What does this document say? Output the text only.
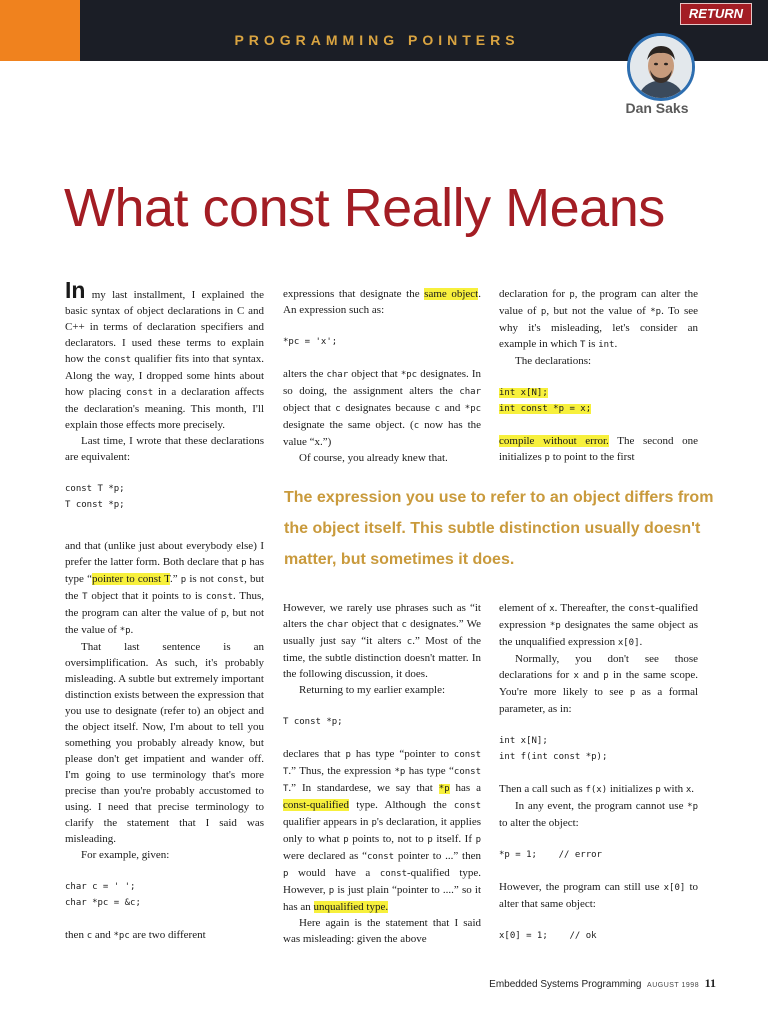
PROGRAMMING POINTERS
RETURN
Dan Saks
What const Really Means

In my last installment, I explained the basic syntax of object declarations in C and C++ in terms of declaration specifiers and declarators. I used these terms to explain how the const qualifier fits into that syntax. Along the way, I dropped some hints about how placing const in a declaration affects the declaration's meaning. This month, I'll explain those effects more precisely.

Last time, I wrote that these declarations are equivalent:

const T *p;
T const *p;

and that (unlike just about everybody else) I prefer the latter form. Both declare that p has type “pointer to const T.” p is not const, but the T object that it points to is const. Thus, the program can alter the value of p, but not the value of *p.

That last sentence is an oversimplification. As such, it's probably misleading. A subtle but extremely important distinction exists between the expression that you use to designate (refer to) an object and the object itself. Now, I'm about to tell you something you probably already know, but please don't get impatient and wander off. I'm going to use terminology that's more precise than you're probably accustomed to using. I need that precise terminology to clarify the statement that I said was misleading.

For example, given:

char c = ' ';
char *pc = &c;

then c and *pc are two different

expressions that designate the same object. An expression such as:

*pc = 'x';

alters the char object that *pc designates. In so doing, the assignment alters the char object that c designates because c and *pc designate the same object. (c now has the value “x.”)

Of course, you already knew that.

However, we rarely use phrases such as “it alters the char object that c designates.” We usually just say “it alters c.” Most of the time, the subtle distinction doesn't matter. In the following discussion, it does.

Returning to my earlier example:

T const *p;

declares that p has type “pointer to const T.” Thus, the expression *p has type “const T.” In standardese, we say that *p has a const-qualified type. Although the const qualifier appears in p's declaration, it applies only to what p points to, not to p itself. If p were declared as “const pointer to ...” then p would have a const-qualified type. However, p is just plain “pointer to ....” so it has an unqualified type.

Here again is the statement that I said was misleading: given the above

declaration for p, the program can alter the value of p, but not the value of *p. To see why it's misleading, let's consider an example in which T is int.

The declarations:

int x[N];
int const *p = x;

compile without error. The second one initializes p to point to the first

element of x. Thereafter, the const-qualified expression *p designates the same object as the unqualified expression x[0].

Normally, you don't see those declarations for x and p in the same scope. You're more likely to see p as a formal parameter, as in:

int x[N];
int f(int const *p);

Then a call such as f(x) initializes p with x.

In any event, the program cannot use *p to alter the object:

*p = 1;    // error

However, the program can still use x[0] to alter that same object:

x[0] = 1;    // ok
The expression you use to refer to an object differs from the object itself. This subtle distinction usually doesn't matter, but sometimes it does.
Embedded Systems Programming AUGUST 1998 11
